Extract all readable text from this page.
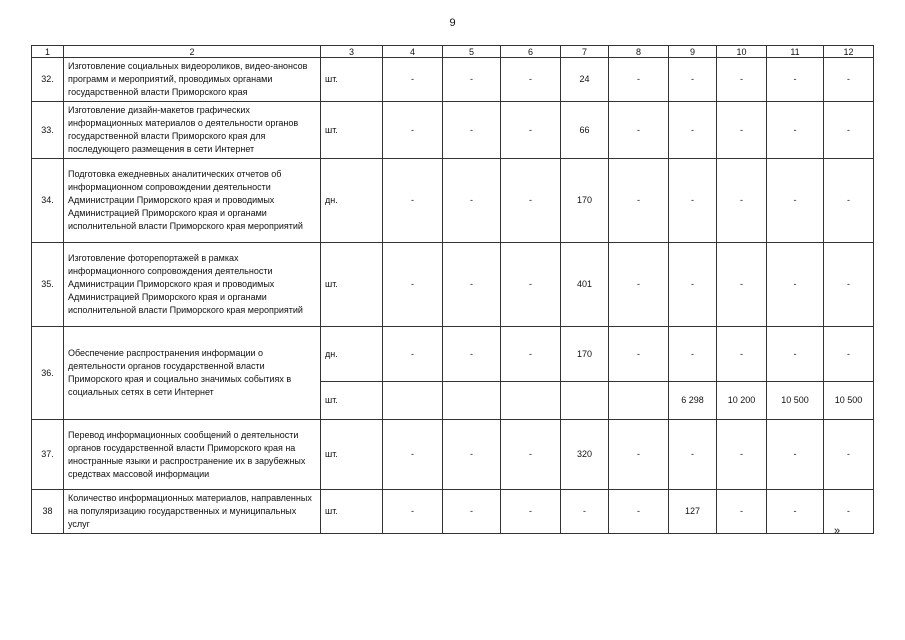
9
1	2	3	4	5	6	7	8	9	10	11	12
32.	Изготовление социальных видеороликов, видео-анонсов программ и мероприятий, проводимых органами государственной власти Приморского края	шт.	-	-	-	24	-	-	-	-	-
33.	Изготовление дизайн-макетов графических информационных материалов о деятельности органов государственной власти Приморского края для последующего размещения в сети Интернет	шт.	-	-	-	66	-	-	-	-	-
34.	Подготовка ежедневных аналитических отчетов об информационном сопровождении деятельности Администрации Приморского края и проводимых Администрацией Приморского края и органами исполнительной власти Приморского края мероприятий	дн.	-	-	-	170	-	-	-	-	-
35.	Изготовление фоторепортажей в рамках информационного сопровождения деятельности Администрации Приморского края и проводимых Администрацией Приморского края и органами исполнительной власти Приморского края мероприятий	шт.	-	-	-	401	-	-	-	-	-
36.	Обеспечение распространения информации о деятельности органов государственной власти Приморского края и социально значимых событиях в социальных сетях в сети Интернет	дн.	-	-	-	170	-	-	-	-	-
		шт.						6 298	10 200	10 500	10 500
37.	Перевод информационных сообщений о деятельности органов государственной власти Приморского края на иностранные языки и распространение их в зарубежных средствах массовой информации	шт.	-	-	-	320	-	-	-	-	-
38	Количество информационных материалов, направленных на популяризацию государственных и муниципальных услуг	шт.	-	-	-	-	-	127	-	-	-
»
